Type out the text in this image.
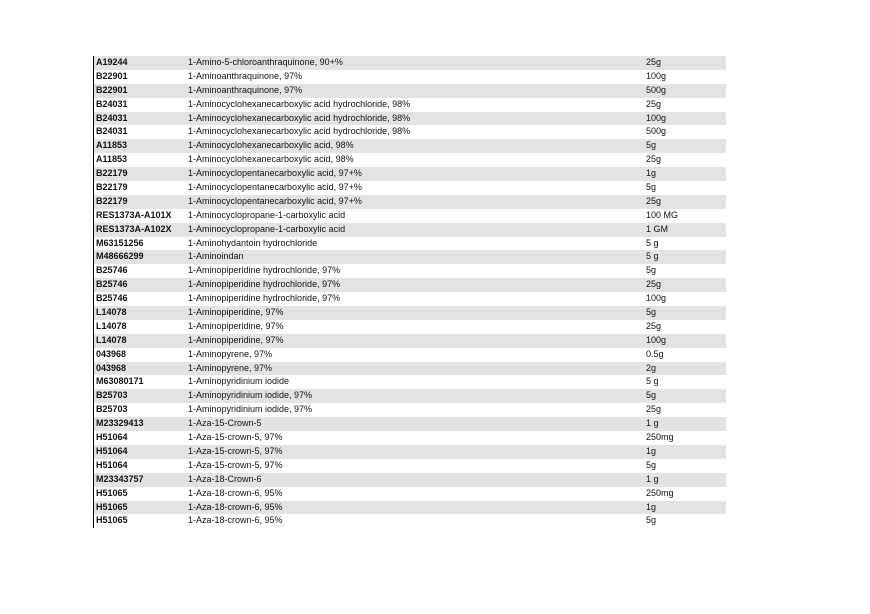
A19244	1-Amino-5-chloroanthraquinone, 90+%	25g
B22901	1-Aminoanthraquinone, 97%	100g
B22901	1-Aminoanthraquinone, 97%	500g
B24031	1-Aminocyclohexanecarboxylic acid hydrochloride, 98%	25g
B24031	1-Aminocyclohexanecarboxylic acid hydrochloride, 98%	100g
B24031	1-Aminocyclohexanecarboxylic acid hydrochloride, 98%	500g
A11853	1-Aminocyclohexanecarboxylic acid, 98%	5g
A11853	1-Aminocyclohexanecarboxylic acid, 98%	25g
B22179	1-Aminocyclopentanecarboxylic acid, 97+%	1g
B22179	1-Aminocyclopentanecarboxylic acid, 97+%	5g
B22179	1-Aminocyclopentanecarboxylic acid, 97+%	25g
RES1373A-A101X	1-Aminocyclopropane-1-carboxylic acid	100 MG
RES1373A-A102X	1-Aminocyclopropane-1-carboxylic acid	1 GM
M63151256	1-Aminohydantoin hydrochloride	5 g
M48666299	1-Aminoindan	5 g
B25746	1-Aminopiperidine hydrochloride, 97%	5g
B25746	1-Aminopiperidine hydrochloride, 97%	25g
B25746	1-Aminopiperidine hydrochloride, 97%	100g
L14078	1-Aminopiperidine, 97%	5g
L14078	1-Aminopiperidine, 97%	25g
L14078	1-Aminopiperidine, 97%	100g
043968	1-Aminopyrene, 97%	0.5g
043968	1-Aminopyrene, 97%	2g
M63080171	1-Aminopyridinium iodide	5 g
B25703	1-Aminopyridinium iodide, 97%	5g
B25703	1-Aminopyridinium iodide, 97%	25g
M23329413	1-Aza-15-Crown-5	1 g
H51064	1-Aza-15-crown-5, 97%	250mg
H51064	1-Aza-15-crown-5, 97%	1g
H51064	1-Aza-15-crown-5, 97%	5g
M23343757	1-Aza-18-Crown-6	1 g
H51065	1-Aza-18-crown-6, 95%	250mg
H51065	1-Aza-18-crown-6, 95%	1g
H51065	1-Aza-18-crown-6, 95%	5g
